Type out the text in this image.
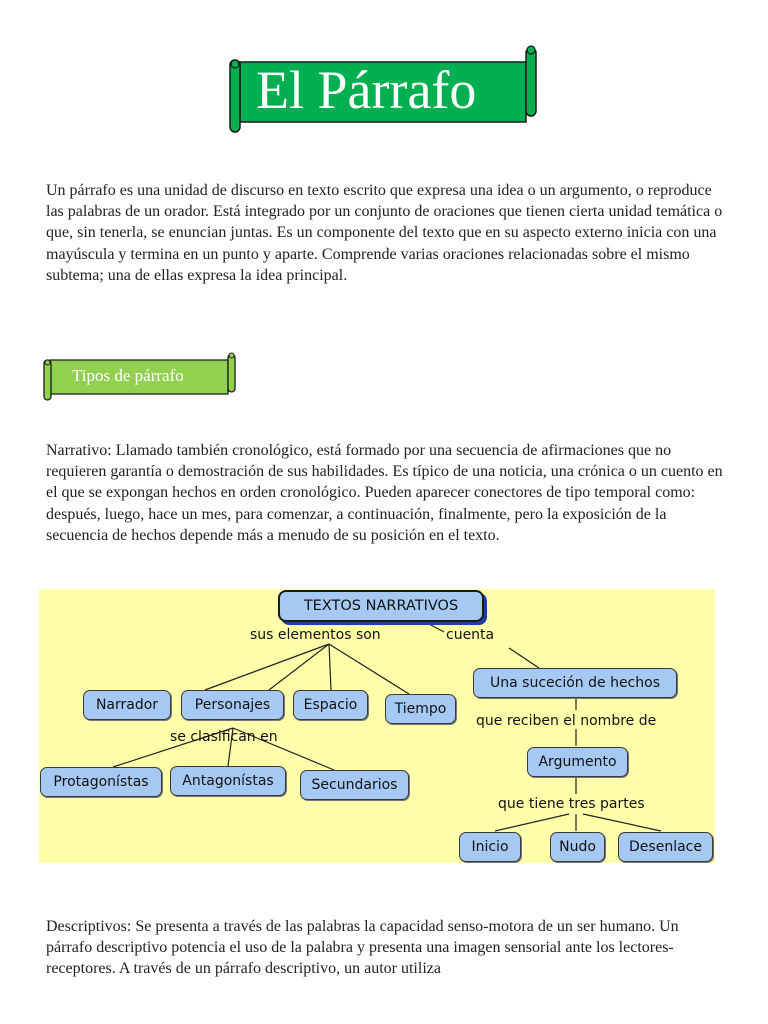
El Párrafo

Un párrafo es una unidad de discurso en texto escrito que expresa una idea o un argumento, o reproduce las palabras de un orador. Está integrado por un conjunto de oraciones que tienen cierta unidad temática o que, sin tenerla, se enuncian juntas. Es un componente del texto que en su aspecto externo inicia con una mayúscula y termina en un punto y aparte. Comprende varias oraciones relacionadas sobre el mismo subtema; una de ellas expresa la idea principal.

Tipos de párrafo

Narrativo: Llamado también cronológico, está formado por una secuencia de afirmaciones que no requieren garantía o demostración de sus habilidades. Es típico de una noticia, una crónica o un cuento en el que se expongan hechos en orden cronológico. Pueden aparecer conectores de tipo temporal como: después, luego, hace un mes, para comenzar, a continuación, finalmente, pero la exposición de la secuencia de hechos depende más a menudo de su posición en el texto.

TEXTOS NARRATIVOS
sus elementos son	cuenta
Narrador	Personajes	Espacio	Tiempo
se clasifican en
Protagonístas	Antagonístas	Secundarios
Una suceción de hechos
que reciben el nombre de
Argumento
que tiene tres partes
Inicio	Nudo	Desenlace

Descriptivos: Se presenta a través de las palabras la capacidad senso-motora de un ser humano. Un párrafo descriptivo potencia el uso de la palabra y presenta una imagen sensorial ante los lectores-receptores. A través de un párrafo descriptivo, un autor utiliza
